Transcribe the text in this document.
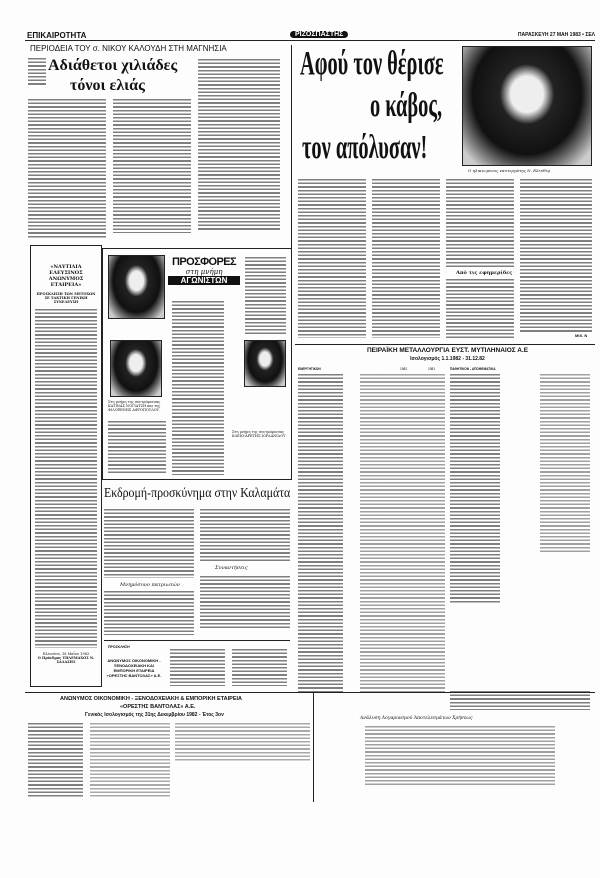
ΕΠΙΚΑΙΡΟΤΗΤΑ	ΡΙΖΟΣΠΑΣΤΗΣ	ΠΑΡΑΣΚΕΥΗ 27 ΜΑΗ 1983 • ΣΕΛ
ΠΕΡΙΟΔΕΙΑ ΤΟΥ σ. ΝΙΚΟΥ ΚΑΛΟΥΔΗ ΣΤΗ ΜΑΓΝΗΣΙΑ
Αδιάθετοι χιλιάδες
τόνοι ελιάς
Αφού τον θέρισε
ο κάβος,
τον απόλυσαν!
Ο ηλικιωμένος ναυτεργάτης Ν. Ελευθερ
Από τις εφημερίδες
ΜΙΧ. Ν
«ΝΑΥΤΙΛΙΑ ΕΛΕΥΣΙΝΟΣ ΑΝΩΝΥΜΟΣ ΕΤΑΙΡΕΙΑ»
ΠΡΟΣΚΛΗΣΗ ΤΩΝ ΜΕΤΟΧΩΝ ΣΕ ΤΑΚΤΙΚΗ ΓΕΝΙΚΗ ΣΥΝΕΛΕΥΣΗ
Ελευσίνα, 18 Μαΐου 1983
Ο Πρόεδρος ΤΗΛΕΜΑΧΟΣ Ν. ΣΑΛΑΣΗΣ
ΠΡΟΣΦΟΡΕΣ
στη μνήμη
ΑΓΩΝΙΣΤΩΝ
Στη μνήμη της συντρόφισσας ΚΑΤΙΝΑΣ ΝΟΓΙΑΤΖΗ και της ΦΙΛΟΞΕΝΗΣ ΑΦΤΟΠΟΥΛΟΥ
Στη μνήμη της συντρόφισσας ΚΛΕΙΩ-ΑΡΕΤΗΣ ΙΟΡΔΑΝΙΔΟΥ
Εκδρομή-προσκύνημα στην Καλαμάτα
Συναντήσεις
Μνημόσυνο πατριωτών
ΠΡΟΣΚΛΗΣΗ
ΑΝΩΝΥΜΟΣ ΟΙΚΟΝΟΜΙΚΗ - ΞΕΝΟΔΟΧΕΙΑΚΗ ΚΑΙ ΕΜΠΟΡΙΚΗ ΕΤΑΙΡΕΙΑ «ΟΡΕΣΤΗΣ ΒΑΝΤΟΛΑΣ» Α.Ε.
ΠΕΙΡΑΪΚΗ ΜΕΤΑΛΛΟΥΡΓΙΑ ΕΥΣΤ. ΜΥΤΙΛΗΝΑΙΟΣ Α.Ε
Ισολογισμός 1.1.1982 - 31.12.82
ΕΝΕΡΓΗΤΙΚΟΝ	1982	1981	ΠΑΘΗΤΙΚΟΝ - ΑΠΟΘΕΜΑΤΙΚΑ
ΑΝΩΝΥΜΟΣ ΟΙΚΟΝΟΜΙΚΗ - ΞΕΝΟΔΟΧΕΙΑΚΗ & ΕΜΠΟΡΙΚΗ ΕΤΑΙΡΕΙΑ
«ΟΡΕΣΤΗΣ ΒΑΝΤΟΛΑΣ» Α.Ε.
Γενικός Ισολογισμός της 31ης Δεκεμβρίου 1982 - Έτος 3ον
Ανάλυση Λογαριασμού Αποτελεσμάτων Χρήσεως
